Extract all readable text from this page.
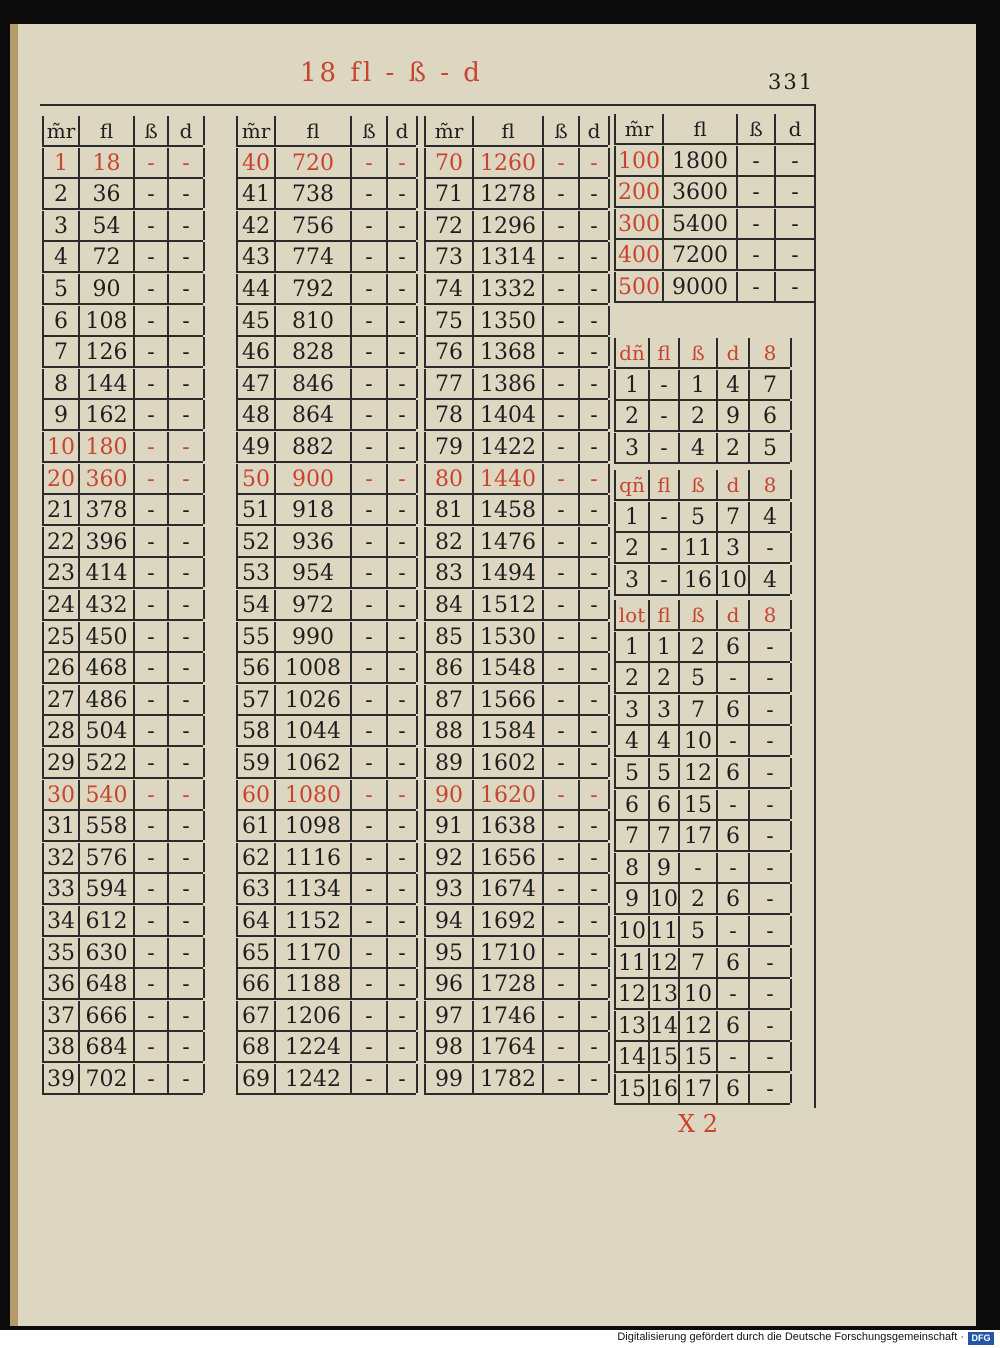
18 fl - ß - d	331
m̃r	fl	ß	d
1	18	-	-
2	36	-	-
3	54	-	-
4	72	-	-
5	90	-	-
6 108 -	-
7 126 -	-
8 144 -	-
9 162 -	-
10 180 -	-
20 360 -	-
21 378 -	-
22 396 -	-
23 414 -	-
24 432 -	-
25 450 -	-
26 468 -	-
27 486 -	-
28 504 -	-
29 522 -	-
30 540 -	-
31 558 -	-
32 576 -	-
33 594 -	-
34 612 -	-
35 630 -	-
36 648 -	-
37 666 -	-
38 684 -	-
39 702 -	-
m̃r	fl	ß d
40	720	-	-
41	738	-	-
42	756	-	-
43	774	-	-
44	792	-	-
45	810	-	-
46	828	-	-
47	846	-	-
48	864	-	-
49	882	-	-
50	900	-	-
51	918	-	-
52	936	-	-
53	954	-	-
54	972	-	-
55	990	-	-
56 1008	-	-
57 1026	-	-
58 1044	-	-
59 1062	-	-
60 1080	-	-
61 1098	-	-
62 1116	-	-
63 1134	-	-
64 1152	-	-
65 1170	-	-
66 1188	-	-
67 1206	-	-
68 1224	-	-
69 1242	-	-
m̃r	fl	ß d
70 1260 -	-
71 1278 -	-
72 1296 -	-
73 1314 -	-
74 1332 -	-
75 1350 -	-
76 1368 -	-
77 1386 -	-
78 1404 -	-
79 1422 -	-
80 1440 -	-
81 1458 -	-
82 1476 -	-
83 1494 -	-
84 1512 -	-
85 1530 -	-
86 1548 -	-
87 1566 -	-
88 1584 -	-
89 1602 -	-
90 1620 -	-
91 1638 -	-
92 1656 -	-
93 1674 -	-
94 1692 -	-
95 1710 -	-
96 1728 -	-
97 1746 -	-
98 1764 -	-
99 1782 -	-
m̃r	fl	ß	d
100 1800	-	-
200 3600	-	-
300 5400	-	-
400 7200	-	-
500 9000	-	-
dñ fl	ß	d	8
1 -	1 4	7
2 -	2 9	6
3 -	4 2	5
qñ fl	ß	d	8
1 -	5 7	4
2 - 11 3	-
3 - 16 10 4
lot fl	ß	d	8
1 1 2 6	-
2 2 5	-	-
3 3 7 6	-
4 4 10 -	-
5 5 12 6	-
6 6 15 -	-
7 7 17 6	-
8 9	-	-	-
9 10 2 6	-
10 11 5	-	-
11 12 7 6	-
12 13 10 -	-
13 14 12 6	-
14 15 15 -	-
15 16 17 6	-
X 2
Digitalisierung gefördert durch die Deutsche Forschungsgemeinschaft · DFG
